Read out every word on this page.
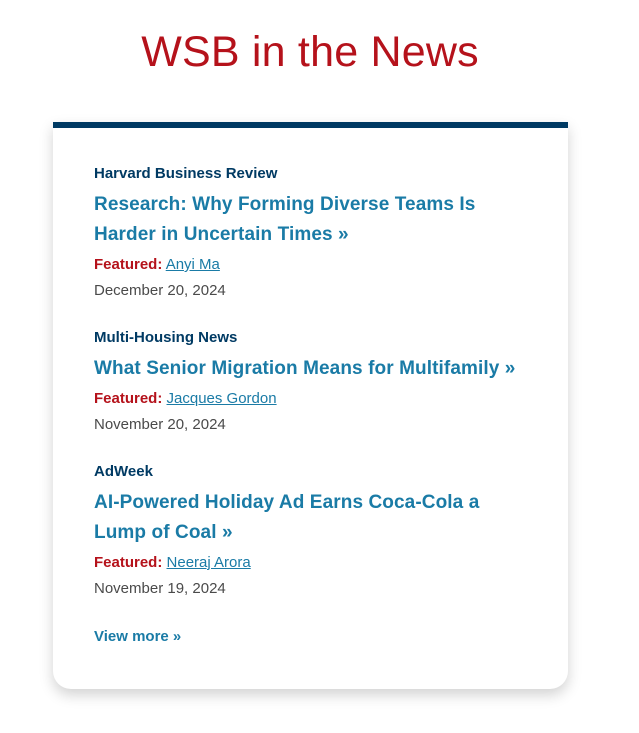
WSB in the News
Harvard Business Review
Research: Why Forming Diverse Teams Is Harder in Uncertain Times »
Featured: Anyi Ma
December 20, 2024
Multi-Housing News
What Senior Migration Means for Multifamily »
Featured: Jacques Gordon
November 20, 2024
AdWeek
AI-Powered Holiday Ad Earns Coca-Cola a Lump of Coal »
Featured: Neeraj Arora
November 19, 2024
View more »
